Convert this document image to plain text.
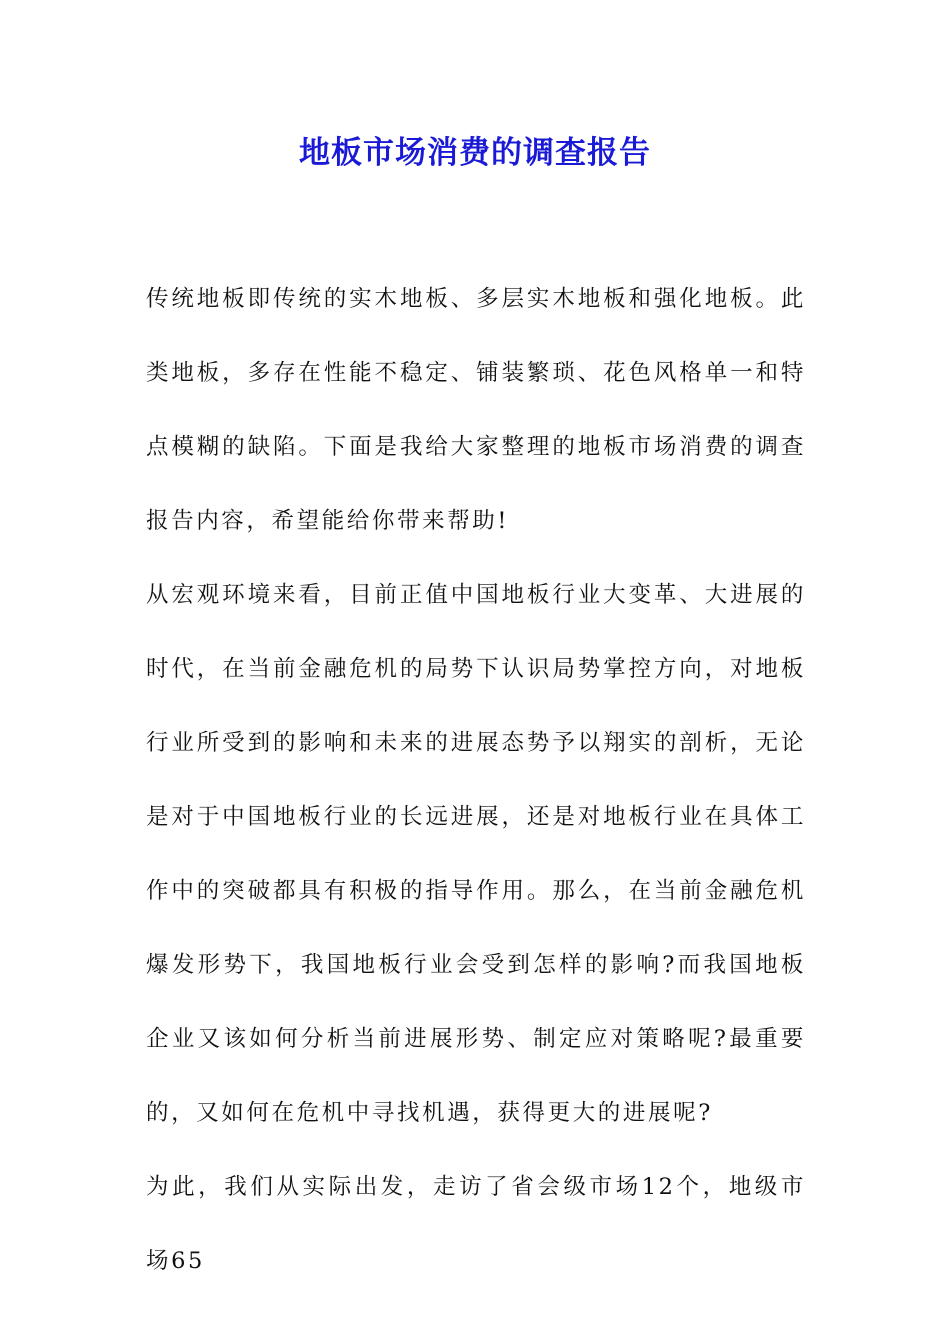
地板市场消费的调查报告

传统地板即传统的实木地板、多层实木地板和强化地板。此类地板，多存在性能不稳定、铺装繁琐、花色风格单一和特点模糊的缺陷。下面是我给大家整理的地板市场消费的调查报告内容，希望能给你带来帮助!

从宏观环境来看，目前正值中国地板行业大变革、大进展的时代，在当前金融危机的局势下认识局势掌控方向，对地板行业所受到的影响和未来的进展态势予以翔实的剖析，无论是对于中国地板行业的长远进展，还是对地板行业在具体工作中的突破都具有积极的指导作用。那么，在当前金融危机爆发形势下，我国地板行业会受到怎样的影响?而我国地板企业又该如何分析当前进展形势、制定应对策略呢?最重要的，又如何在危机中寻找机遇，获得更大的进展呢?

为此，我们从实际出发，走访了省会级市场12个，地级市场65
